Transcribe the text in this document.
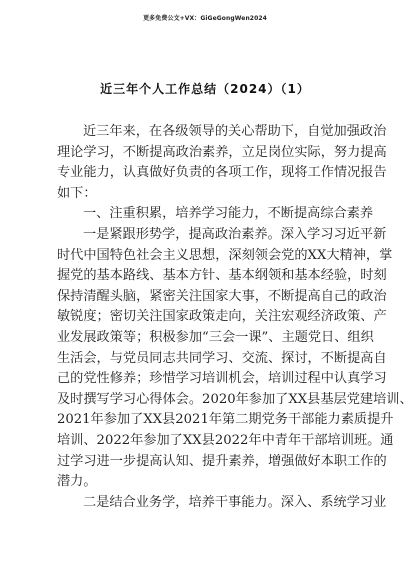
更多免费公文+VX：GiGeGongWen2024
近三年个人工作总结（2024）（1）
近三年来，在各级领导的关心帮助下，自觉加强政治
理论学习，不断提高政治素养，立足岗位实际，努力提高
专业能力，认真做好负责的各项工作，现将工作情况报告
如下：
一、注重积累，培养学习能力，不断提高综合素养
一是紧跟形势学，提高政治素养。深入学习习近平新
时代中国特色社会主义思想，深刻领会党的XX大精神，掌
握党的基本路线、基本方针、基本纲领和基本经验，时刻
保持清醒头脑，紧密关注国家大事，不断提高自己的政治
敏锐度；密切关注国家政策走向，关注宏观经济政策、产
业发展政策等；积极参加“三会一课”、主题党日、组织
生活会，与党员同志共同学习、交流、探讨，不断提高自
己的党性修养；珍惜学习培训机会，培训过程中认真学习
及时撰写学习心得体会。2020年参加了XX县基层党建培训、
2021年参加了XX县2021年第二期党务干部能力素质提升
培训、2022年参加了XX县2022年中青年干部培训班。通
过学习进一步提高认知、提升素养，增强做好本职工作的
潜力。
二是结合业务学，培养干事能力。深入、系统学习业
